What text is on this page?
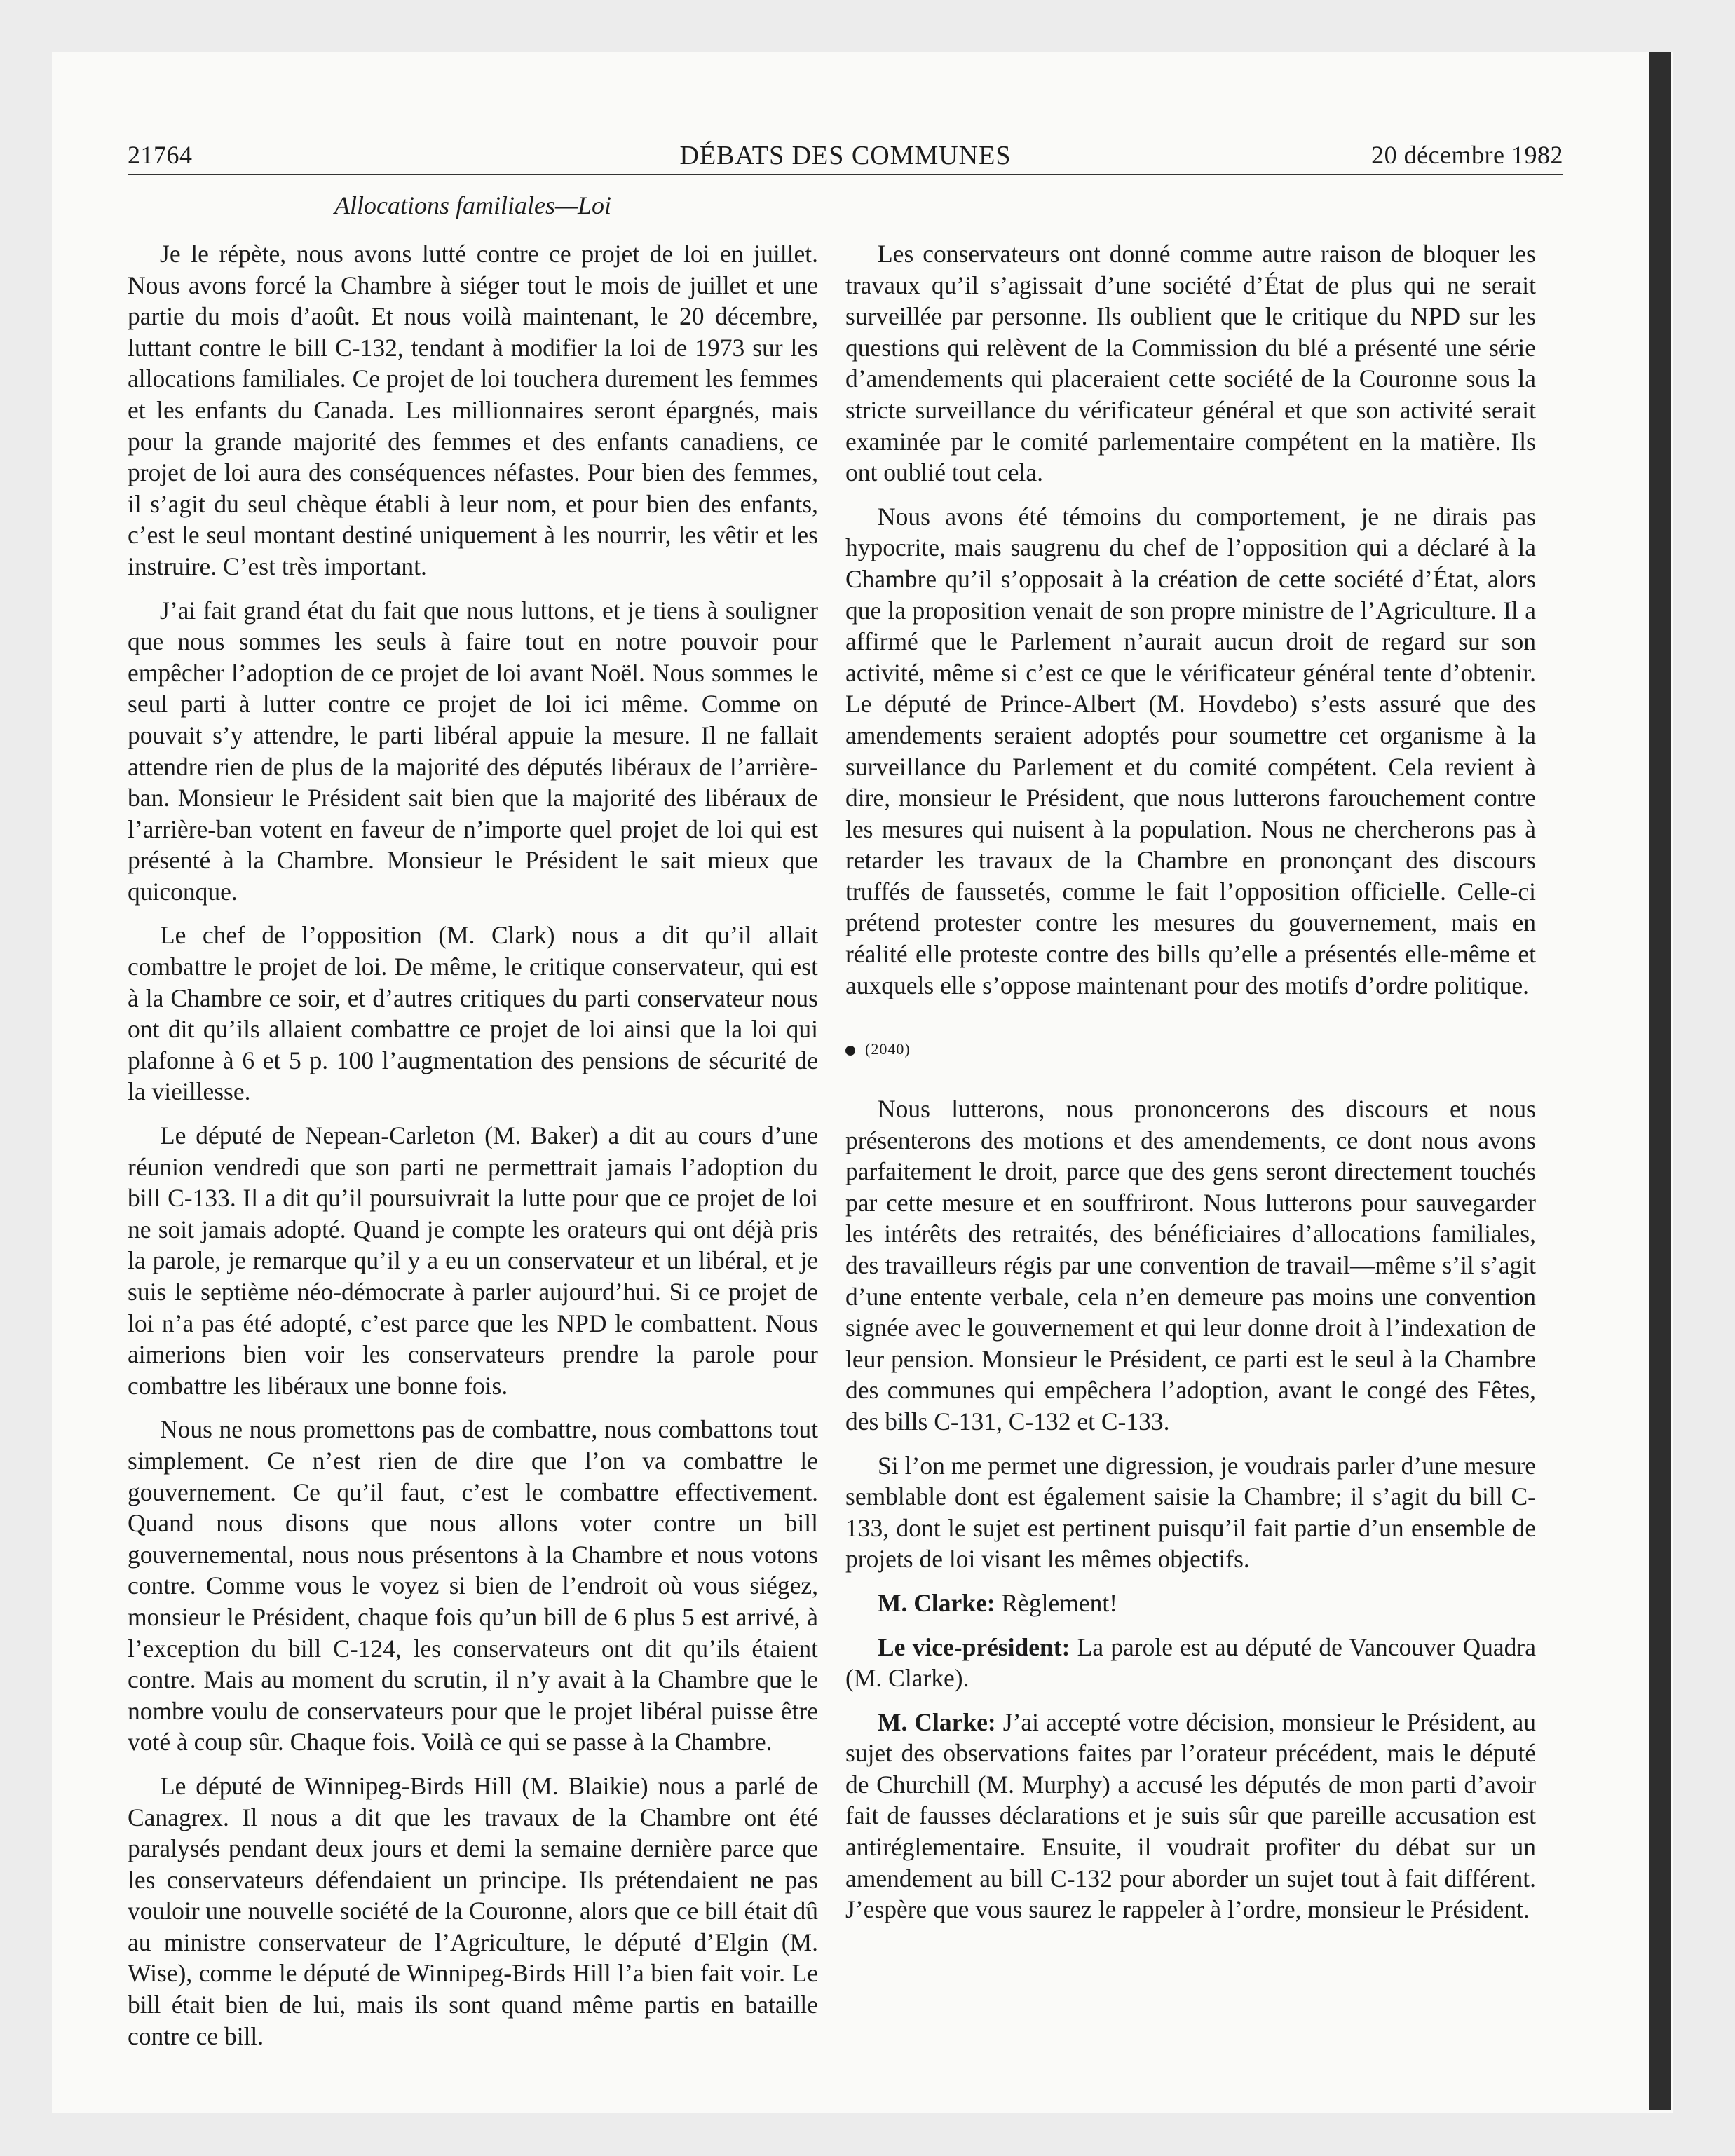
21764	DÉBATS DES COMMUNES	20 décembre 1982
Allocations familiales—Loi

Je le répète, nous avons lutté contre ce projet de loi en juillet. Nous avons forcé la Chambre à siéger tout le mois de juillet et une partie du mois d’août. Et nous voilà maintenant, le 20 décembre, luttant contre le bill C-132, tendant à modifier la loi de 1973 sur les allocations familiales. Ce projet de loi touchera durement les femmes et les enfants du Canada. Les millionnaires seront épargnés, mais pour la grande majorité des femmes et des enfants canadiens, ce projet de loi aura des conséquences néfastes. Pour bien des femmes, il s’agit du seul chèque établi à leur nom, et pour bien des enfants, c’est le seul montant destiné uniquement à les nourrir, les vêtir et les instruire. C’est très important.

J’ai fait grand état du fait que nous luttons, et je tiens à souligner que nous sommes les seuls à faire tout en notre pouvoir pour empêcher l’adoption de ce projet de loi avant Noël. Nous sommes le seul parti à lutter contre ce projet de loi ici même. Comme on pouvait s’y attendre, le parti libéral appuie la mesure. Il ne fallait attendre rien de plus de la majorité des députés libéraux de l’arrière-ban. Monsieur le Président sait bien que la majorité des libéraux de l’arrière-ban votent en faveur de n’importe quel projet de loi qui est présenté à la Chambre. Monsieur le Président le sait mieux que quiconque.

Le chef de l’opposition (M. Clark) nous a dit qu’il allait combattre le projet de loi. De même, le critique conservateur, qui est à la Chambre ce soir, et d’autres critiques du parti conservateur nous ont dit qu’ils allaient combattre ce projet de loi ainsi que la loi qui plafonne à 6 et 5 p. 100 l’augmentation des pensions de sécurité de la vieillesse.

Le député de Nepean-Carleton (M. Baker) a dit au cours d’une réunion vendredi que son parti ne permettrait jamais l’adoption du bill C-133. Il a dit qu’il poursuivrait la lutte pour que ce projet de loi ne soit jamais adopté. Quand je compte les orateurs qui ont déjà pris la parole, je remarque qu’il y a eu un conservateur et un libéral, et je suis le septième néo-démocrate à parler aujourd’hui. Si ce projet de loi n’a pas été adopté, c’est parce que les NPD le combattent. Nous aimerions bien voir les conservateurs prendre la parole pour combattre les libéraux une bonne fois.

Nous ne nous promettons pas de combattre, nous combattons tout simplement. Ce n’est rien de dire que l’on va combattre le gouvernement. Ce qu’il faut, c’est le combattre effectivement. Quand nous disons que nous allons voter contre un bill gouvernemental, nous nous présentons à la Chambre et nous votons contre. Comme vous le voyez si bien de l’endroit où vous siégez, monsieur le Président, chaque fois qu’un bill de 6 plus 5 est arrivé, à l’exception du bill C-124, les conservateurs ont dit qu’ils étaient contre. Mais au moment du scrutin, il n’y avait à la Chambre que le nombre voulu de conservateurs pour que le projet libéral puisse être voté à coup sûr. Chaque fois. Voilà ce qui se passe à la Chambre.

Le député de Winnipeg-Birds Hill (M. Blaikie) nous a parlé de Canagrex. Il nous a dit que les travaux de la Chambre ont été paralysés pendant deux jours et demi la semaine dernière parce que les conservateurs défendaient un principe. Ils prétendaient ne pas vouloir une nouvelle société de la Couronne, alors que ce bill était dû au ministre conservateur de l’Agriculture, le député d’Elgin (M. Wise), comme le député de Winnipeg-Birds Hill l’a bien fait voir. Le bill était bien de lui, mais ils sont quand même partis en bataille contre ce bill.

Les conservateurs ont donné comme autre raison de bloquer les travaux qu’il s’agissait d’une société d’État de plus qui ne serait surveillée par personne. Ils oublient que le critique du NPD sur les questions qui relèvent de la Commission du blé a présenté une série d’amendements qui placeraient cette société de la Couronne sous la stricte surveillance du vérificateur général et que son activité serait examinée par le comité parlementaire compétent en la matière. Ils ont oublié tout cela.

Nous avons été témoins du comportement, je ne dirais pas hypocrite, mais saugrenu du chef de l’opposition qui a déclaré à la Chambre qu’il s’opposait à la création de cette société d’État, alors que la proposition venait de son propre ministre de l’Agriculture. Il a affirmé que le Parlement n’aurait aucun droit de regard sur son activité, même si c’est ce que le vérificateur général tente d’obtenir. Le député de Prince-Albert (M. Hovdebo) s’ests assuré que des amendements seraient adoptés pour soumettre cet organisme à la surveillance du Parlement et du comité compétent. Cela revient à dire, monsieur le Président, que nous lutterons farouchement contre les mesures qui nuisent à la population. Nous ne chercherons pas à retarder les travaux de la Chambre en prononçant des discours truffés de faussetés, comme le fait l’opposition officielle. Celle-ci prétend protester contre les mesures du gouvernement, mais en réalité elle proteste contre des bills qu’elle a présentés elle-même et auxquels elle s’oppose maintenant pour des motifs d’ordre politique.

(2040)

Nous lutterons, nous prononcerons des discours et nous présenterons des motions et des amendements, ce dont nous avons parfaitement le droit, parce que des gens seront directement touchés par cette mesure et en souffriront. Nous lutterons pour sauvegarder les intérêts des retraités, des bénéficiaires d’allocations familiales, des travailleurs régis par une convention de travail—même s’il s’agit d’une entente verbale, cela n’en demeure pas moins une convention signée avec le gouvernement et qui leur donne droit à l’indexation de leur pension. Monsieur le Président, ce parti est le seul à la Chambre des communes qui empêchera l’adoption, avant le congé des Fêtes, des bills C-131, C-132 et C-133.

Si l’on me permet une digression, je voudrais parler d’une mesure semblable dont est également saisie la Chambre; il s’agit du bill C-133, dont le sujet est pertinent puisqu’il fait partie d’un ensemble de projets de loi visant les mêmes objectifs.

M. Clarke: Règlement!

Le vice-président: La parole est au député de Vancouver Quadra (M. Clarke).

M. Clarke: J’ai accepté votre décision, monsieur le Président, au sujet des observations faites par l’orateur précédent, mais le député de Churchill (M. Murphy) a accusé les députés de mon parti d’avoir fait de fausses déclarations et je suis sûr que pareille accusation est antiréglementaire. Ensuite, il voudrait profiter du débat sur un amendement au bill C-132 pour aborder un sujet tout à fait différent. J’espère que vous saurez le rappeler à l’ordre, monsieur le Président.
